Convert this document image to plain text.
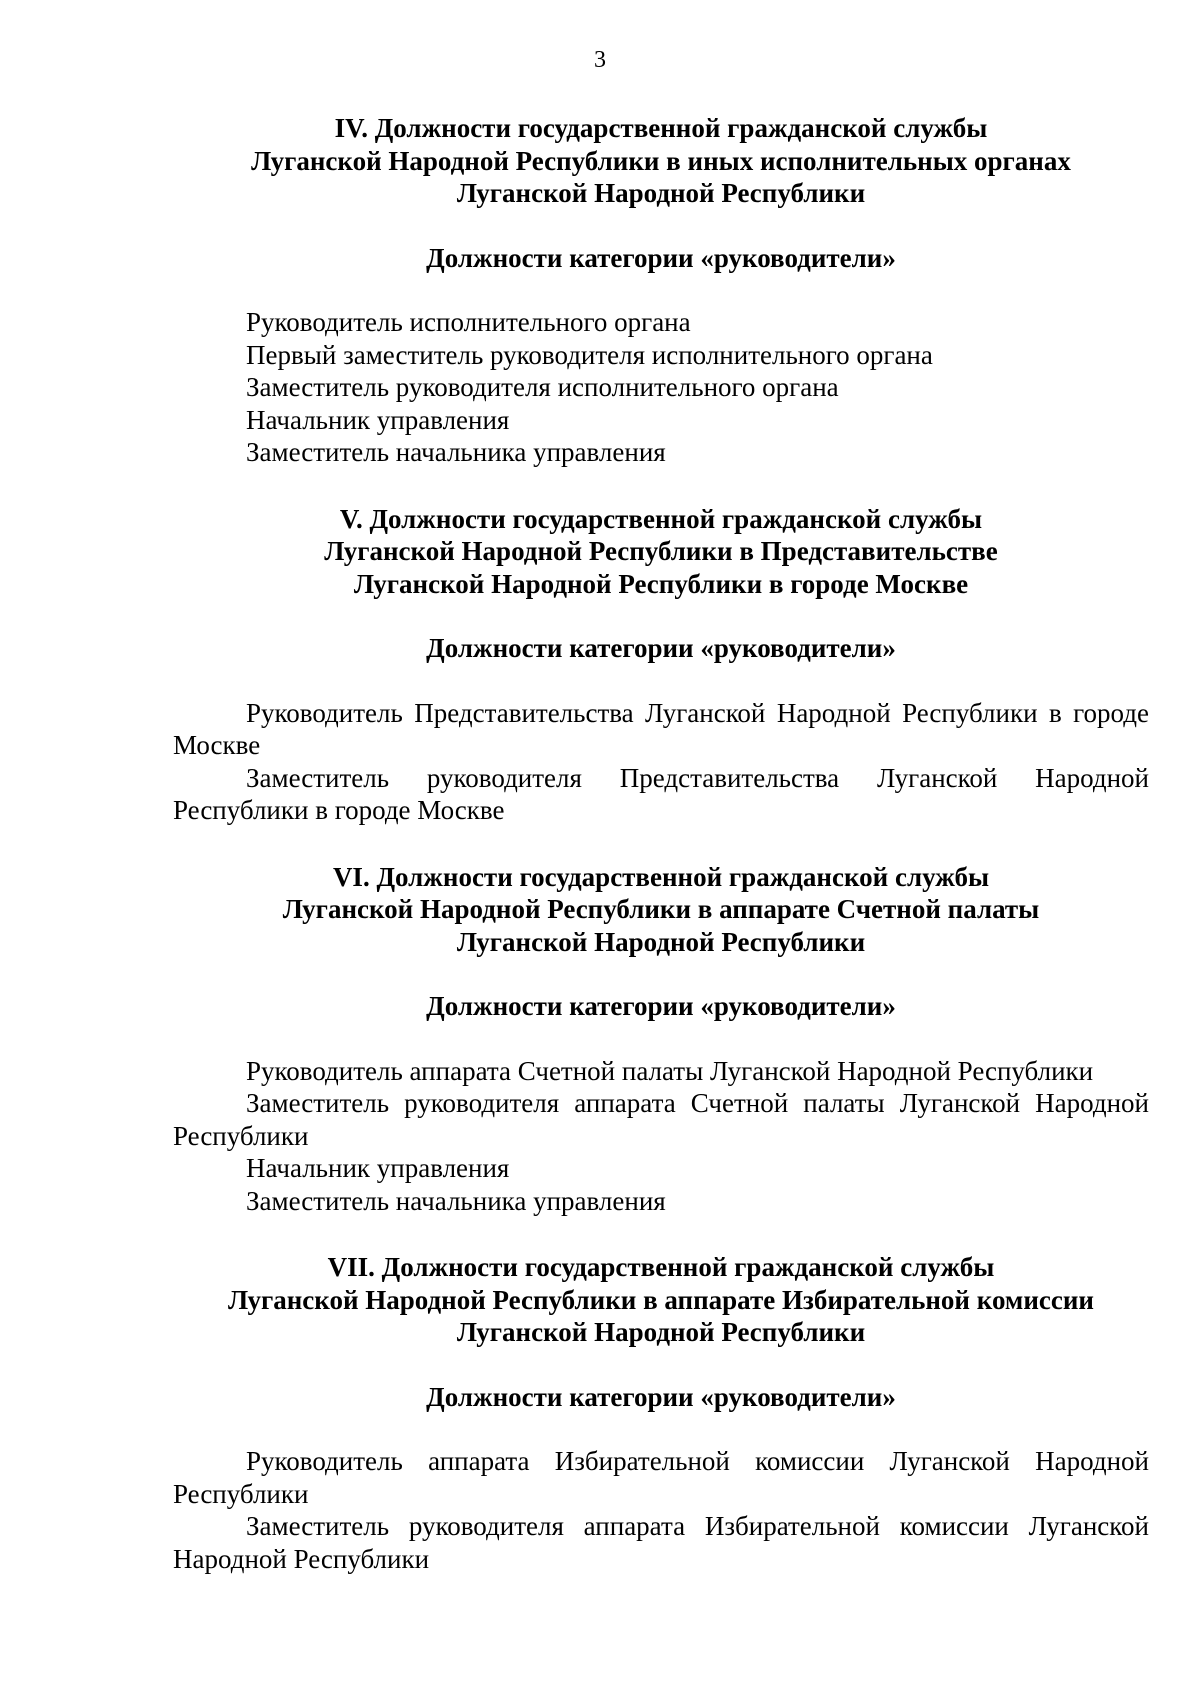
3
IV. Должности государственной гражданской службы
Луганской Народной Республики в иных исполнительных органах
Луганской Народной Республики
Должности категории «руководители»

Руководитель исполнительного органа

Первый заместитель руководителя исполнительного органа

Заместитель руководителя исполнительного органа

Начальник управления

Заместитель начальника управления

V. Должности государственной гражданской службы
Луганской Народной Республики в Представительстве
Луганской Народной Республики в городе Москве
Должности категории «руководители»

Руководитель Представительства Луганской Народной Республики в городе Москве

Заместитель руководителя Представительства Луганской Народной Республики в городе Москве

VI. Должности государственной гражданской службы
Луганской Народной Республики в аппарате Счетной палаты
Луганской Народной Республики
Должности категории «руководители»

Руководитель аппарата Счетной палаты Луганской Народной Республики

Заместитель руководителя аппарата Счетной палаты Луганской Народной Республики

Начальник управления

Заместитель начальника управления

VII. Должности государственной гражданской службы
Луганской Народной Республики в аппарате Избирательной комиссии
Луганской Народной Республики
Должности категории «руководители»

Руководитель аппарата Избирательной комиссии Луганской Народной Республики

Заместитель руководителя аппарата Избирательной комиссии Луганской Народной Республики
